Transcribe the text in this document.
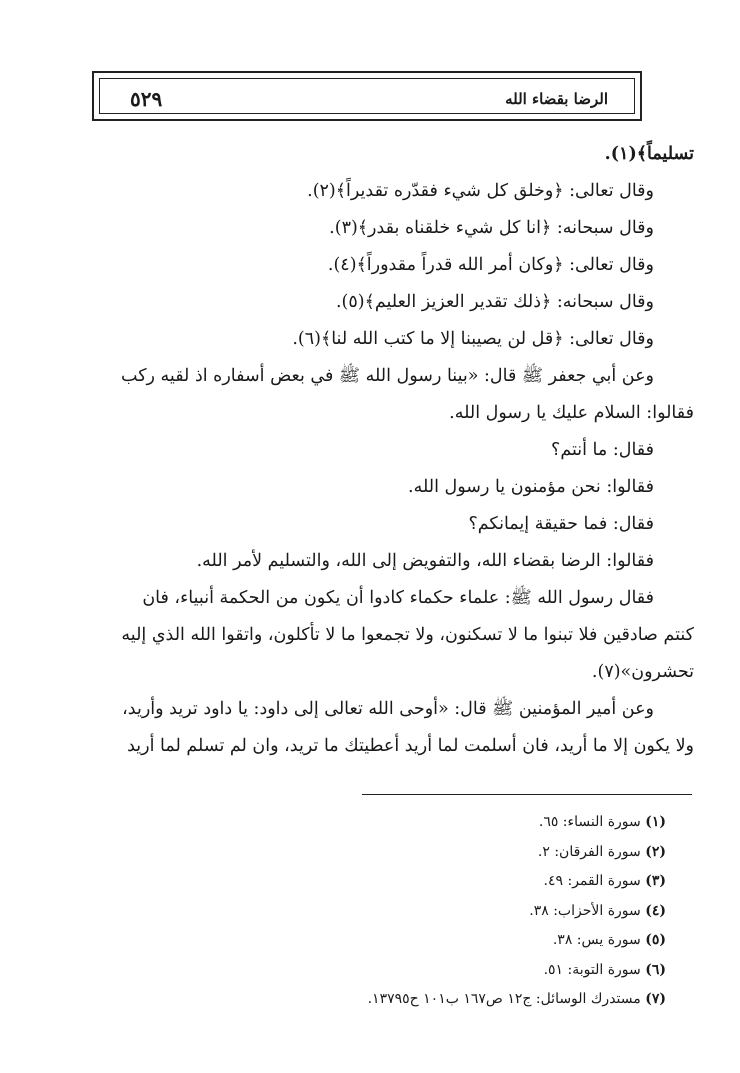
٥٢٩	الرضا بقضاء الله

تسليماً﴾(١).

وقال تعالى: ﴿وخلق كل شيء فقدّره تقديراً﴾(٢).

وقال سبحانه: ﴿انا كل شيء خلقناه بقدر﴾(٣).

وقال تعالى: ﴿وكان أمر الله قدراً مقدوراً﴾(٤).

وقال سبحانه: ﴿ذلك تقدير العزيز العليم﴾(٥).

وقال تعالى: ﴿قل لن يصيبنا إلا ما كتب الله لنا﴾(٦).

وعن أبي جعفر ﷺ قال: «بينا رسول الله ﷺ في بعض أسفاره اذ لقيه ركب

فقالوا: السلام عليك يا رسول الله.

فقال: ما أنتم؟

فقالوا: نحن مؤمنون يا رسول الله.

فقال: فما حقيقة إيمانكم؟

فقالوا: الرضا بقضاء الله، والتفويض إلى الله، والتسليم لأمر الله.

فقال رسول الله ﷺ: علماء حكماء كادوا أن يكون من الحكمة أنبياء، فان

كنتم صادقين فلا تبنوا ما لا تسكنون، ولا تجمعوا ما لا تأكلون، واتقوا الله الذي إليه

تحشرون»(٧).

وعن أمير المؤمنين ﷺ قال: «أوحى الله تعالى إلى داود: يا داود تريد وأريد،

ولا يكون إلا ما أريد، فان أسلمت لما أريد أعطيتك ما تريد، وان لم تسلم لما أريد

(١) سورة النساء: ٦٥.

(٢) سورة الفرقان: ٢.

(٣) سورة القمر: ٤٩.

(٤) سورة الأحزاب: ٣٨.

(٥) سورة يس: ٣٨.

(٦) سورة التوبة: ٥١.

(٧) مستدرك الوسائل: ج١٢ ص١٦٧ ب١٠١ ح١٣٧٩٥.
